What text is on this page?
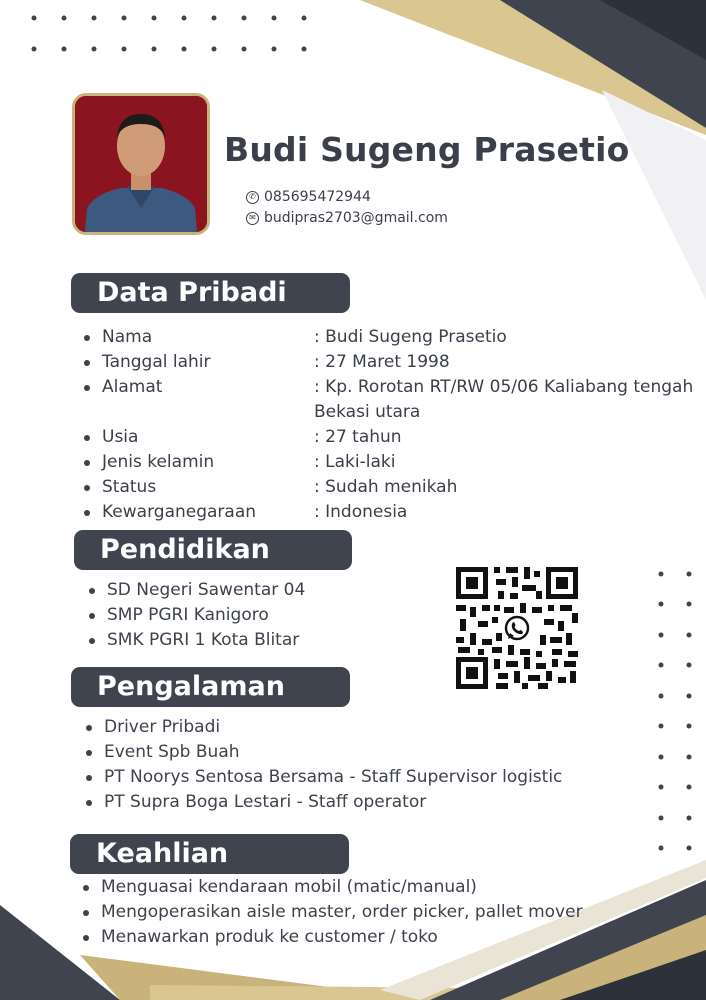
Budi Sugeng Prasetio
✆ 085695472944
✉ budipras2703@gmail.com
Data Pribadi
Nama	: Budi Sugeng Prasetio
Tanggal lahir	: 27 Maret 1998
Alamat	: Kp. Rorotan RT/RW 05/06 Kaliabang tengah Bekasi utara
Usia	: 27 tahun
Jenis kelamin	: Laki-laki
Status	: Sudah menikah
Kewarganegaraan	: Indonesia
Pendidikan
SD Negeri Sawentar 04
SMP PGRI Kanigoro
SMK PGRI 1 Kota Blitar
Pengalaman
Driver Pribadi
Event Spb Buah
PT Noorys Sentosa Bersama - Staff Supervisor logistic
PT Supra Boga Lestari - Staff operator
Keahlian
Menguasai kendaraan mobil (matic/manual)
Mengoperasikan aisle master, order picker, pallet mover
Menawarkan produk ke customer / toko
